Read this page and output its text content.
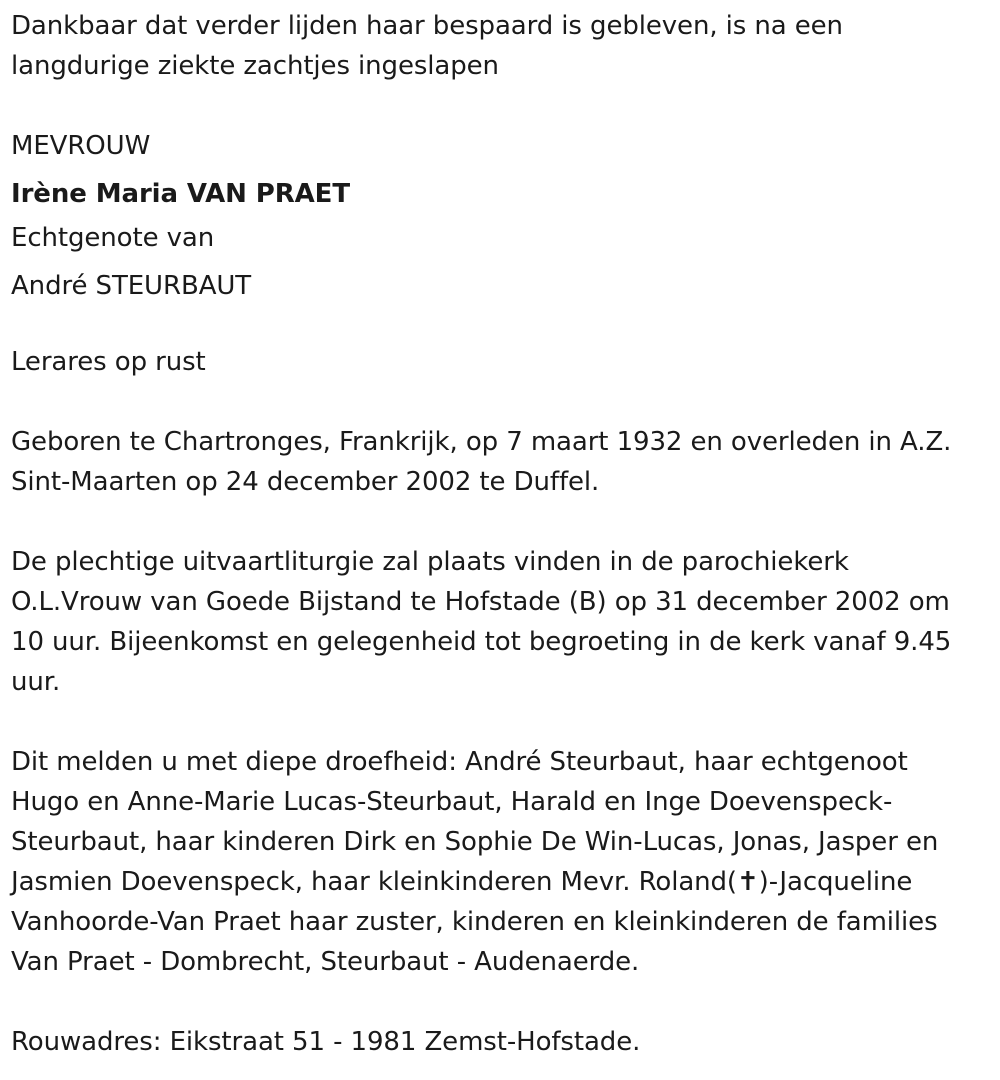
Dankbaar dat verder lijden haar bespaard is gebleven, is na een

langdurige ziekte zachtjes ingeslapen

MEVROUW

Irène Maria VAN PRAET

Echtgenote van

André STEURBAUT

Lerares op rust

Geboren te Chartronges, Frankrijk, op 7 maart 1932 en overleden in A.Z.

Sint-Maarten op 24 december 2002 te Duffel.

De plechtige uitvaartliturgie zal plaats vinden in de parochiekerk

O.L.Vrouw van Goede Bijstand te Hofstade (B) op 31 december 2002 om

10 uur. Bijeenkomst en gelegenheid tot begroeting in de kerk vanaf 9.45

uur.

Dit melden u met diepe droefheid: André Steurbaut, haar echtgenoot

Hugo en Anne-Marie Lucas-Steurbaut, Harald en Inge Doevenspeck-

Steurbaut, haar kinderen Dirk en Sophie De Win-Lucas, Jonas, Jasper en

Jasmien Doevenspeck, haar kleinkinderen Mevr. Roland(✝)-Jacqueline

Vanhoorde-Van Praet haar zuster, kinderen en kleinkinderen de families

Van Praet - Dombrecht, Steurbaut - Audenaerde.

Rouwadres: Eikstraat 51 - 1981 Zemst-Hofstade.
